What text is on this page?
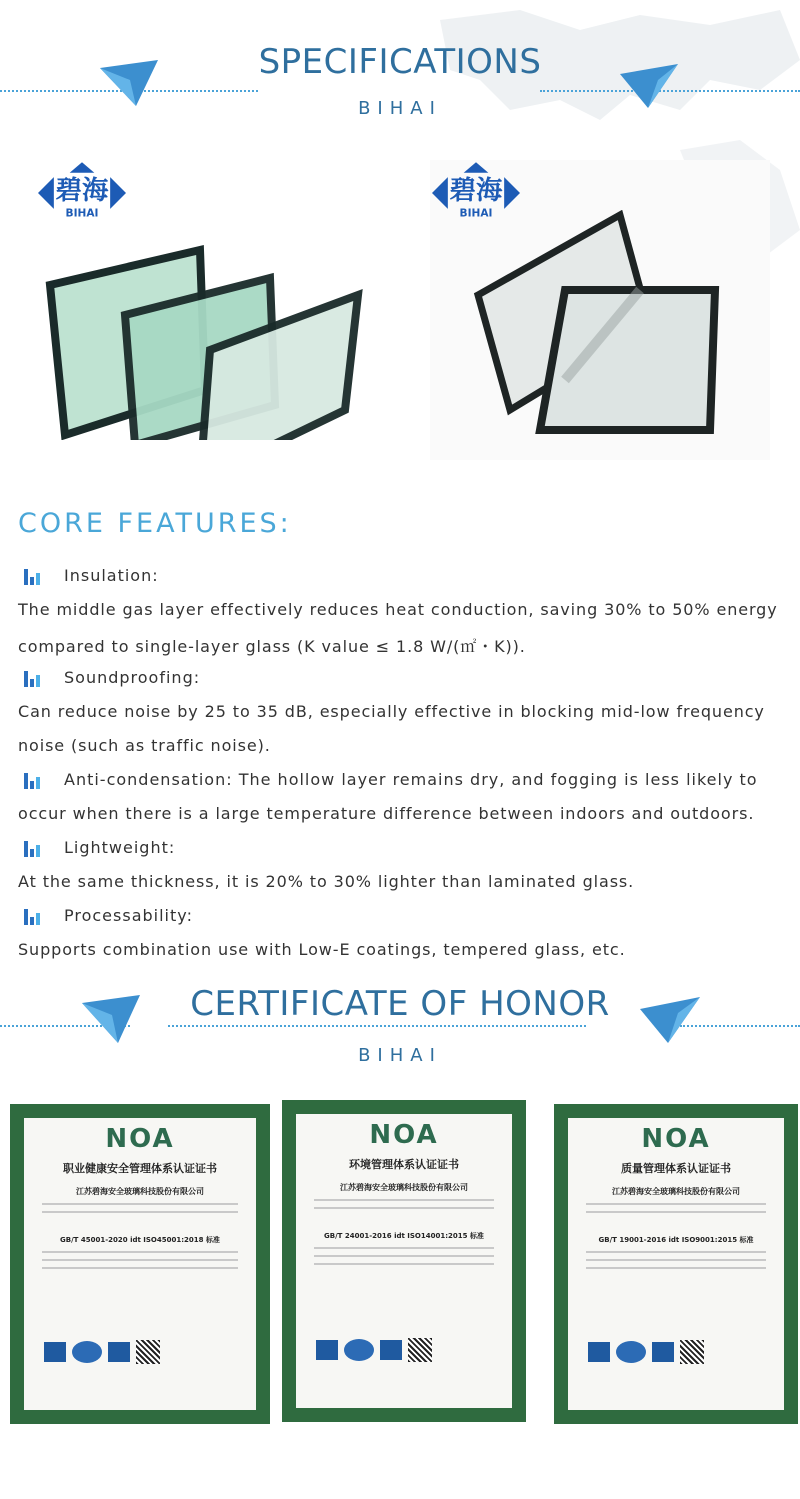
SPECIFICATIONS
BIHAI
碧海
BIHAI
碧海
BIHAI
CORE FEATURES:
Insulation:
The middle gas layer effectively reduces heat conduction, saving 30% to 50% energy
compared to single-layer glass (K value ≤ 1.8 W/(㎡・K)).
Soundproofing:
Can reduce noise by 25 to 35 dB, especially effective in blocking mid-low frequency
noise (such as traffic noise).
Anti-condensation: The hollow layer remains dry, and fogging is less likely to
occur when there is a large temperature difference between indoors and outdoors.
Lightweight:
At the same thickness, it is 20% to 30% lighter than laminated glass.
Processability:
Supports combination use with Low-E coatings, tempered glass, etc.
CERTIFICATE OF HONOR
BIHAI
NOA
职业健康安全管理体系认证证书
江苏碧海安全玻璃科技股份有限公司
GB/T 45001-2020 idt ISO45001:2018 标准
NOA
环境管理体系认证证书
江苏碧海安全玻璃科技股份有限公司
GB/T 24001-2016 idt ISO14001:2015 标准
NOA
质量管理体系认证证书
江苏碧海安全玻璃科技股份有限公司
GB/T 19001-2016 idt ISO9001:2015 标准
